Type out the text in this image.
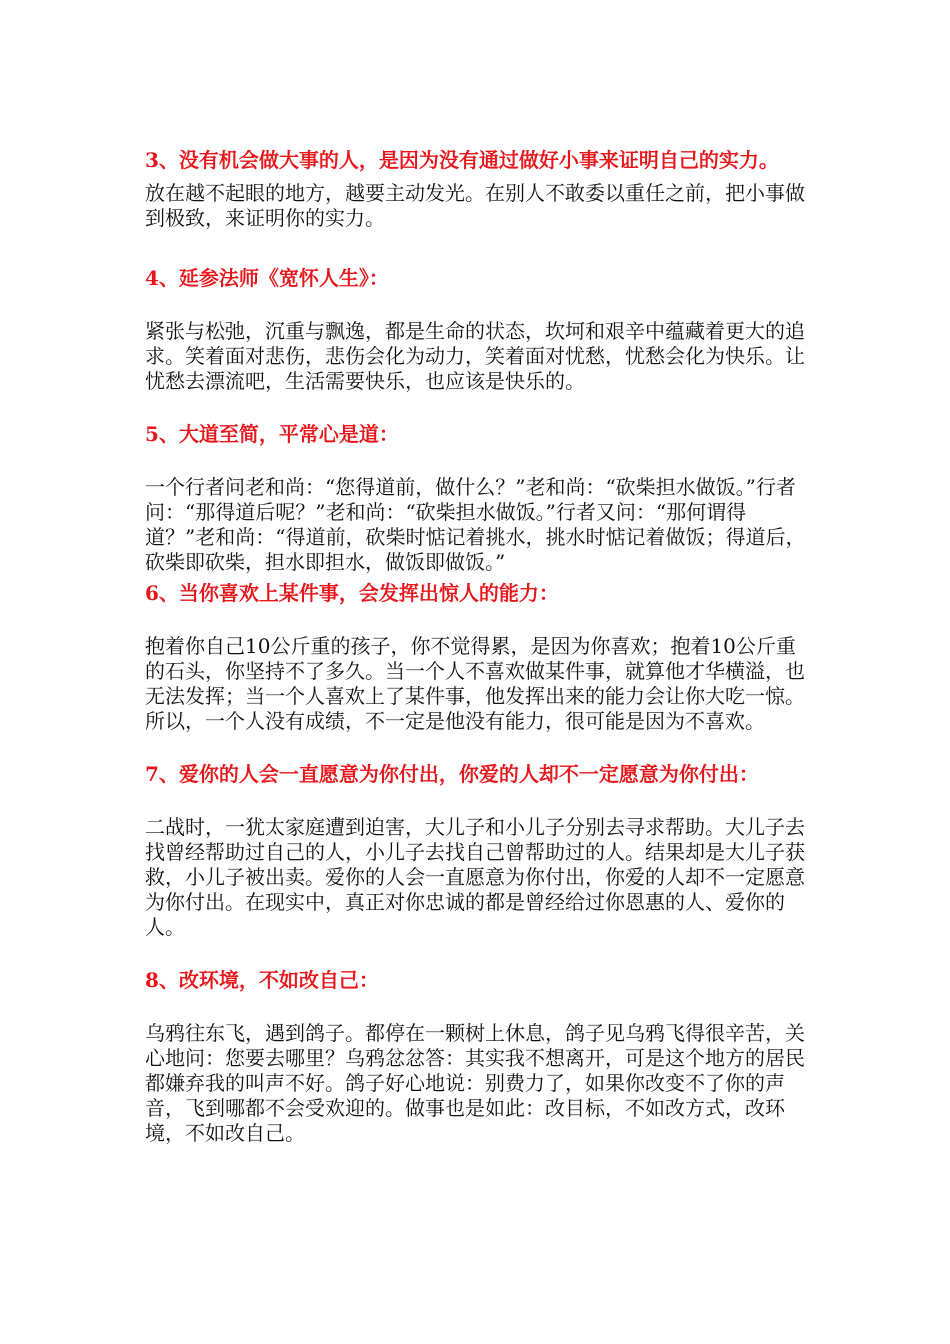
3、没有机会做大事的人，是因为没有通过做好小事来证明自己的实力。

放在越不起眼的地方，越要主动发光。在别人不敢委以重任之前，把小事做到极致，来证明你的实力。

4、延参法师《宽怀人生》：

紧张与松弛，沉重与飘逸，都是生命的状态，坎坷和艰辛中蕴藏着更大的追求。笑着面对悲伤，悲伤会化为动力，笑着面对忧愁，忧愁会化为快乐。让忧愁去漂流吧，生活需要快乐，也应该是快乐的。

5、大道至简，平常心是道：

一个行者问老和尚：“您得道前，做什么？”老和尚：“砍柴担水做饭。”行者问：“那得道后呢？”老和尚：“砍柴担水做饭。”行者又问：“那何谓得道？”老和尚：“得道前，砍柴时惦记着挑水，挑水时惦记着做饭；得道后，砍柴即砍柴，担水即担水，做饭即做饭。”

6、当你喜欢上某件事，会发挥出惊人的能力：

抱着你自己10公斤重的孩子，你不觉得累，是因为你喜欢；抱着10公斤重的石头，你坚持不了多久。当一个人不喜欢做某件事，就算他才华横溢，也无法发挥；当一个人喜欢上了某件事，他发挥出来的能力会让你大吃一惊。所以，一个人没有成绩，不一定是他没有能力，很可能是因为不喜欢。

7、爱你的人会一直愿意为你付出，你爱的人却不一定愿意为你付出：

二战时，一犹太家庭遭到迫害，大儿子和小儿子分别去寻求帮助。大儿子去找曾经帮助过自己的人，小儿子去找自己曾帮助过的人。结果却是大儿子获救，小儿子被出卖。爱你的人会一直愿意为你付出，你爱的人却不一定愿意为你付出。在现实中，真正对你忠诚的都是曾经给过你恩惠的人、爱你的人。

8、改环境，不如改自己：

乌鸦往东飞，遇到鸽子。都停在一颗树上休息，鸽子见乌鸦飞得很辛苦，关心地问：您要去哪里？乌鸦忿忿答：其实我不想离开，可是这个地方的居民都嫌弃我的叫声不好。鸽子好心地说：别费力了，如果你改变不了你的声音，飞到哪都不会受欢迎的。做事也是如此：改目标，不如改方式，改环境，不如改自己。
